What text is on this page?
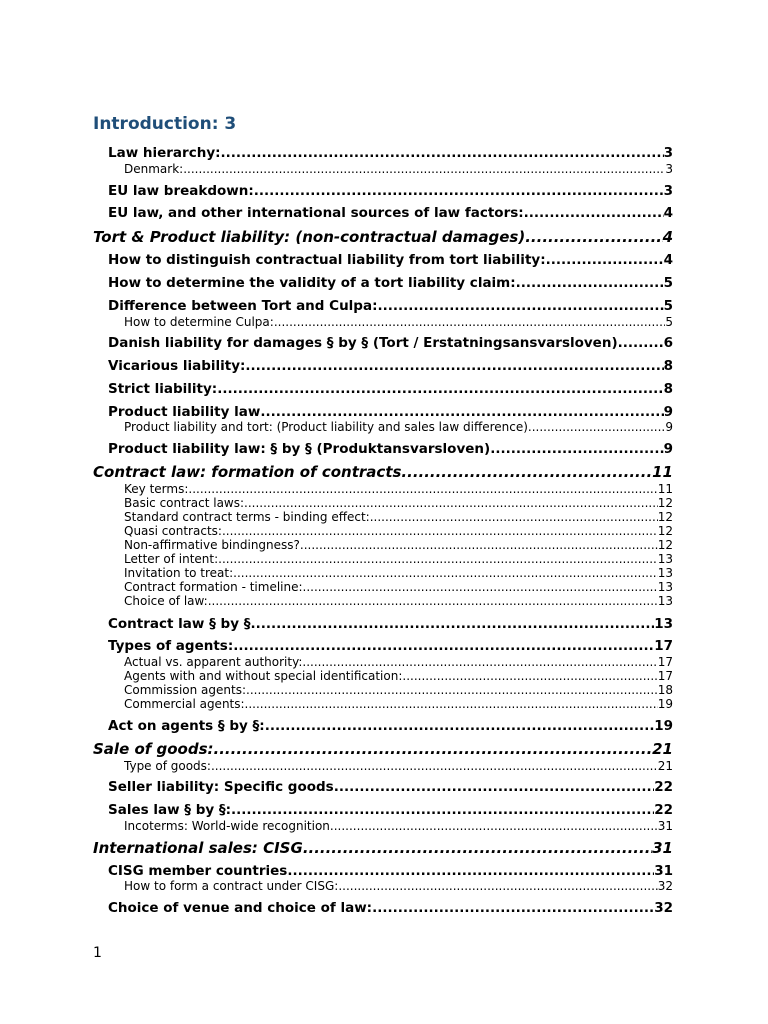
Introduction: 3
Law hierarchy: .....	3
Denmark: .....	3
EU law breakdown: .....	3
EU law, and other international sources of law factors: .....	4
Tort & Product liability: (non-contractual damages) .....	4
How to distinguish contractual liability from tort liability: .....	4
How to determine the validity of a tort liability claim: .....	5
Difference between Tort and Culpa: .....	5
How to determine Culpa: .....	5
Danish liability for damages § by § (Tort / Erstatningsansvarsloven) .....	6
Vicarious liability: .....	8
Strict liability: .....	8
Product liability law .....	9
Product liability and tort: (Product liability and sales law difference) .....	9
Product liability law: § by § (Produktansvarsloven) .....	9
Contract law: formation of contracts .....	11
Key terms: .....	11
Basic contract laws: .....	12
Standard contract terms - binding effect: .....	12
Quasi contracts: .....	12
Non-affirmative bindingness? .....	12
Letter of intent: .....	13
Invitation to treat: .....	13
Contract formation - timeline: .....	13
Choice of law: .....	13
Contract law § by § .....	13
Types of agents: .....	17
Actual vs. apparent authority: .....	17
Agents with and without special identification: .....	17
Commission agents: .....	18
Commercial agents: .....	19
Act on agents § by §: .....	19
Sale of goods: .....	21
Type of goods: .....	21
Seller liability: Specific goods .....	22
Sales law § by §: .....	22
Incoterms: World-wide recognition .....	31
International sales: CISG .....	31
CISG member countries .....	31
How to form a contract under CISG: .....	32
Choice of venue and choice of law: .....	32
1
